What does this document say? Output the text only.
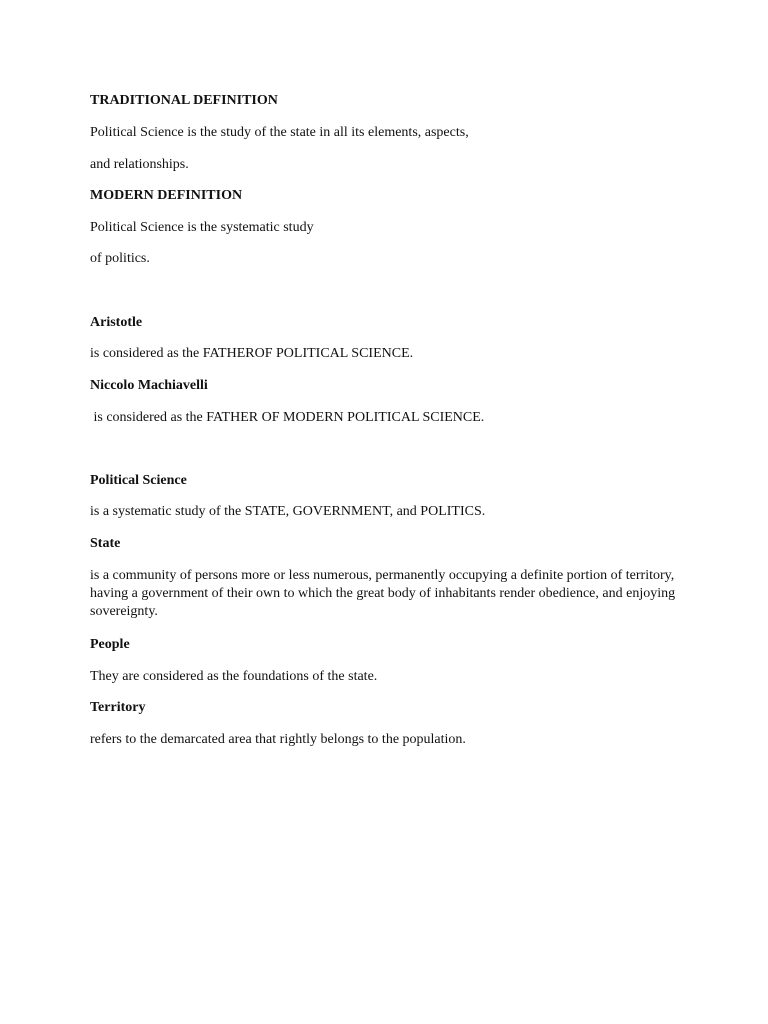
TRADITIONAL DEFINITION

Political Science is the study of the state in all its elements, aspects,

and relationships.

MODERN DEFINITION

Political Science is the systematic study

of politics.

Aristotle

is considered as the FATHEROF POLITICAL SCIENCE.

Niccolo Machiavelli

is considered as the FATHER OF MODERN POLITICAL SCIENCE.

Political Science

is a systematic study of the STATE, GOVERNMENT, and POLITICS.

State

is a community of persons more or less numerous, permanently occupying a definite portion of territory, having a government of their own to which the great body of inhabitants render obedience, and enjoying sovereignty.

People

They are considered as the foundations of the state.

Territory

refers to the demarcated area that rightly belongs to the population.
